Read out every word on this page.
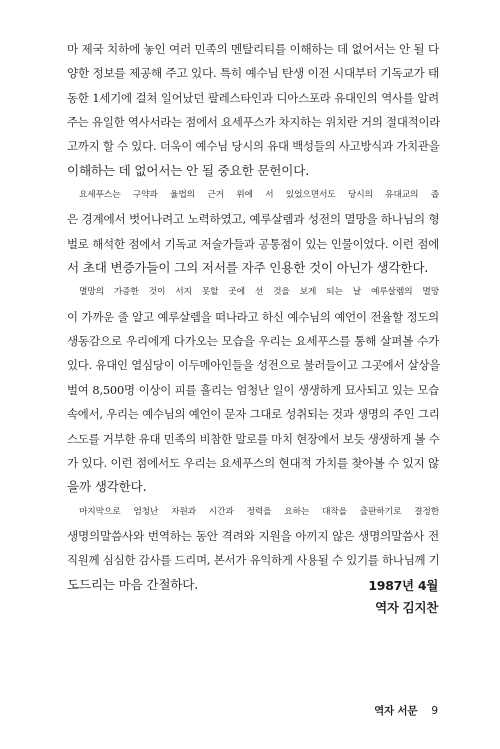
마 제국 치하에 놓인 여러 민족의 멘탈리티를 이해하는 데 없어서는 안 될 다
양한 정보를 제공해 주고 있다. 특히 예수님 탄생 이전 시대부터 기독교가 태
동한 1세기에 걸쳐 일어났던 팔레스타인과 디아스포라 유대인의 역사를 알려
주는 유일한 역사서라는 점에서 요세푸스가 차지하는 위치란 거의 절대적이라
고까지 할 수 있다. 더욱이 예수님 당시의 유대 백성들의 사고방식과 가치관을
이해하는 데 없어서는 안 될 중요한 문헌이다.
요세푸스는 구약과 율법의 근거 위에 서 있었으면서도 당시의 유대교의 좁
은 경계에서 벗어나려고 노력하였고, 예루살렘과 성전의 멸망을 하나님의 형
벌로 해석한 점에서 기독교 저술가들과 공통점이 있는 인물이었다. 이런 점에
서 초대 변증가들이 그의 저서를 자주 인용한 것이 아닌가 생각한다.
멸망의 가증한 것이 서지 못할 곳에 선 것을 보게 되는 날 예루살렘의 멸망
이 가까운 줄 알고 예루살렘을 떠나라고 하신 예수님의 예언이 전율할 정도의
생동감으로 우리에게 다가오는 모습을 우리는 요세푸스를 통해 살펴볼 수가
있다. 유대인 열심당이 이두메아인들을 성전으로 불러들이고 그곳에서 살상을
벌여 8,500명 이상이 피를 흘리는 엄청난 일이 생생하게 묘사되고 있는 모습
속에서, 우리는 예수님의 예언이 문자 그대로 성취되는 것과 생명의 주인 그리
스도를 거부한 유대 민족의 비참한 말로를 마치 현장에서 보듯 생생하게 볼 수
가 있다. 이런 점에서도 우리는 요세푸스의 현대적 가치를 찾아볼 수 있지 않
을까 생각한다.
마지막으로 엄청난 자원과 시간과 정력을 요하는 대작을 출판하기로 결정한
생명의말씀사와 번역하는 동안 격려와 지원을 아끼지 않은 생명의말씀사 전
직원께 심심한 감사를 드리며, 본서가 유익하게 사용될 수 있기를 하나님께 기
도드리는 마음 간절하다.	1987년 4월
역자 김지찬
역자 서문 9
